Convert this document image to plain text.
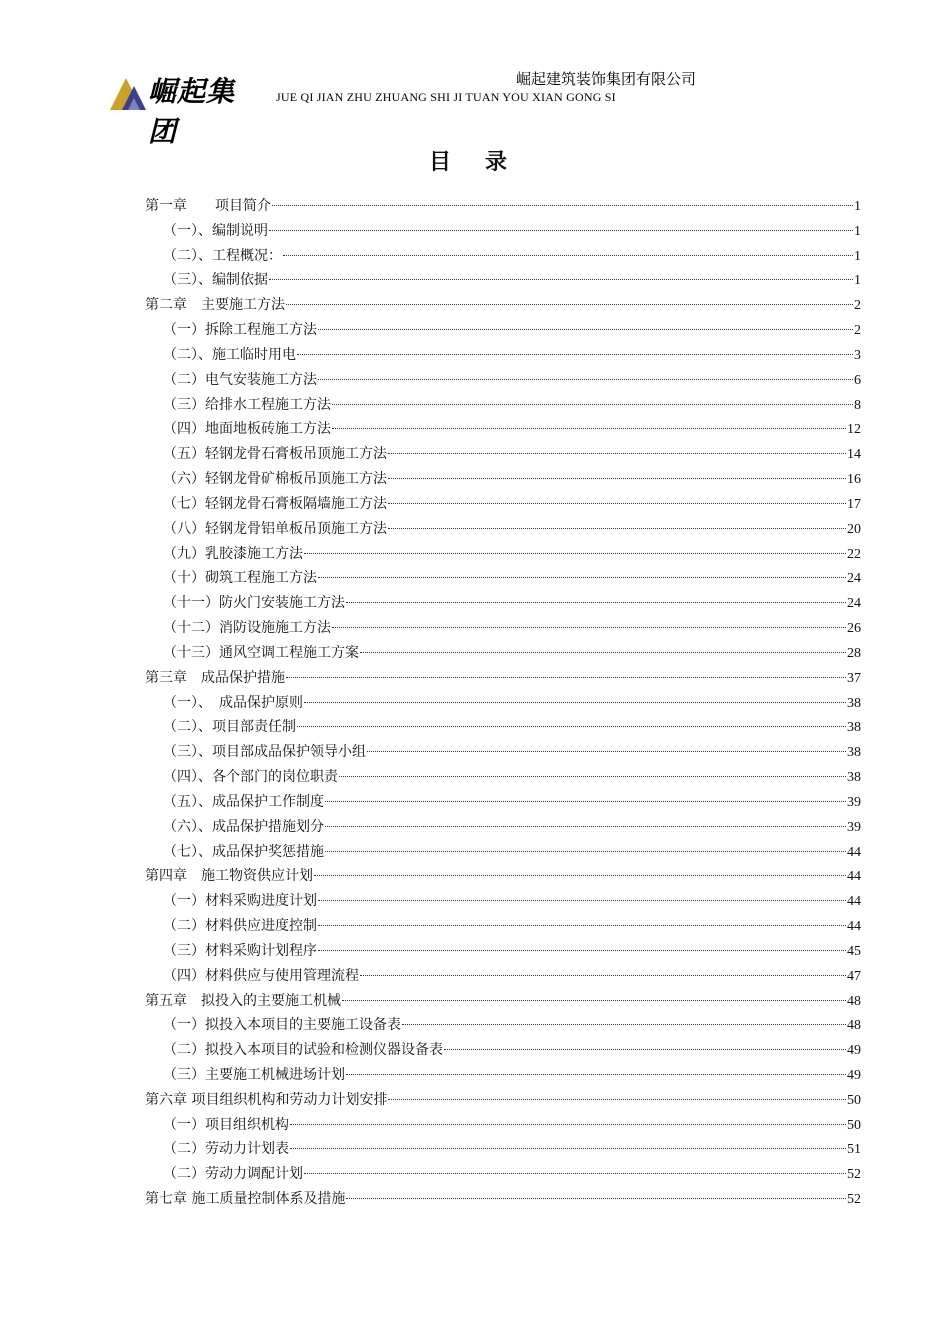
崛起集团
崛起建筑装饰集团有限公司
JUE QI JIAN ZHU ZHUANG SHI JI TUAN YOU XIAN GONG SI
目录
第一章　　项目简介	1
（一）、编制说明	1
（二）、工程概况：	1
（三）、编制依据	1
第二章　主要施工方法	2
（一）拆除工程施工方法	2
（二）、施工临时用电	3
（二）电气安装施工方法	6
（三）给排水工程施工方法	8
（四）地面地板砖施工方法	12
（五）轻钢龙骨石膏板吊顶施工方法	14
（六）轻钢龙骨矿棉板吊顶施工方法	16
（七）轻钢龙骨石膏板隔墙施工方法	17
（八）轻钢龙骨铝单板吊顶施工方法	20
（九）乳胶漆施工方法	22
（十）砌筑工程施工方法	24
（十一）防火门安装施工方法	24
（十二）消防设施施工方法	26
（十三）通风空调工程施工方案	28
第三章　成品保护措施	37
（一）、　成品保护原则	38
（二）、项目部责任制	38
（三）、项目部成品保护领导小组	38
（四）、各个部门的岗位职责	38
（五）、成品保护工作制度	39
（六）、成品保护措施划分	39
（七）、成品保护奖惩措施	44
第四章　施工物资供应计划	44
（一）材料采购进度计划	44
（二）材料供应进度控制	44
（三）材料采购计划程序	45
（四）材料供应与使用管理流程	47
第五章　拟投入的主要施工机械	48
（一）拟投入本项目的主要施工设备表	48
（二）拟投入本项目的试验和检测仪器设备表	49
（三）主要施工机械进场计划	49
第六章 项目组织机构和劳动力计划安排	50
（一）项目组织机构	50
（二）劳动力计划表	51
（二）劳动力调配计划	52
第七章 施工质量控制体系及措施	52
